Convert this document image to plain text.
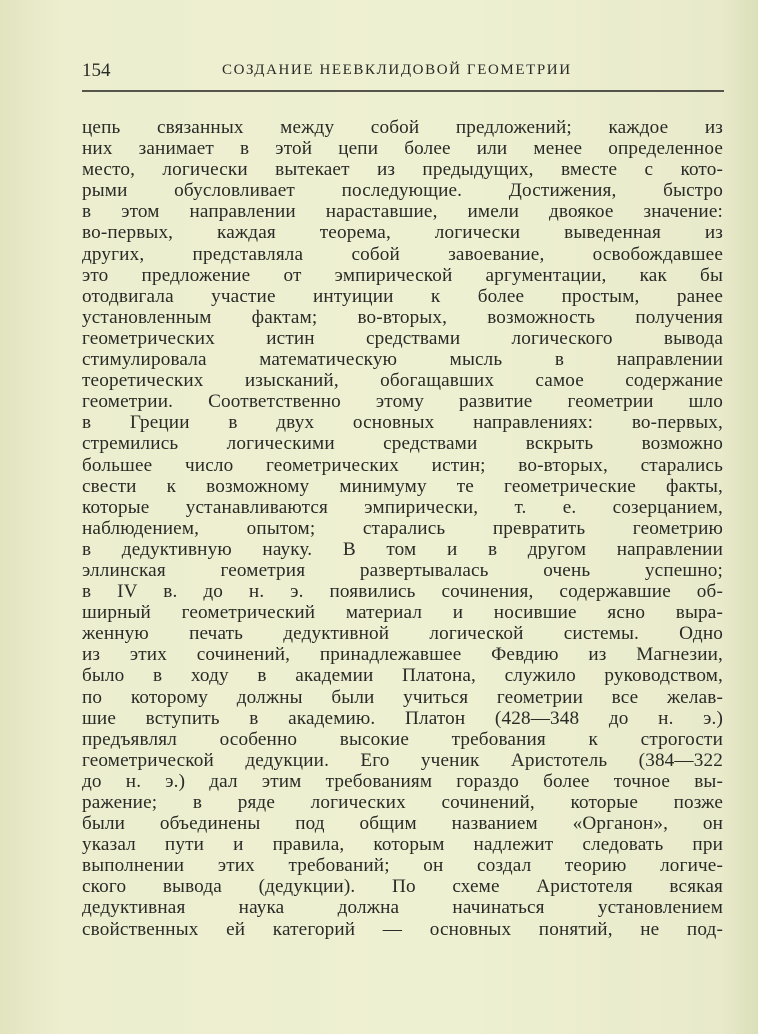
154	СОЗДАНИЕ НЕЕВКЛИДОВОЙ ГЕОМЕТРИИ
цепь связанных между собой предложений; каждое из
них занимает в этой цепи более или менее определенное
место, логически вытекает из предыдущих, вместе с кото-
рыми обусловливает последующие. Достижения, быстро
в этом направлении нараставшие, имели двоякое значение:
во-первых, каждая теорема, логически выведенная из
других, представляла собой завоевание, освобождавшее
это предложение от эмпирической аргументации, как бы
отодвигала участие интуиции к более простым, ранее
установленным фактам; во-вторых, возможность получения
геометрических истин средствами логического вывода
стимулировала математическую мысль в направлении
теоретических изысканий, обогащавших самое содержание
геометрии. Соответственно этому развитие геометрии шло
в Греции в двух основных направлениях: во-первых,
стремились логическими средствами вскрыть возможно
большее число геометрических истин; во-вторых, старались
свести к возможному минимуму те геометрические факты,
которые устанавливаются эмпирически, т. е. созерцанием,
наблюдением, опытом; старались превратить геометрию
в дедуктивную науку. В том и в другом направлении
эллинская геометрия развертывалась очень успешно;
в IV в. до н. э. появились сочинения, содержавшие об-
ширный геометрический материал и носившие ясно выра-
женную печать дедуктивной логической системы. Одно
из этих сочинений, принадлежавшее Февдию из Магнезии,
было в ходу в академии Платона, служило руководством,
по которому должны были учиться геометрии все желав-
шие вступить в академию. Платон (428—348 до н. э.)
предъявлял особенно высокие требования к строгости
геометрической дедукции. Его ученик Аристотель (384—322
до н. э.) дал этим требованиям гораздо более точное вы-
ражение; в ряде логических сочинений, которые позже
были объединены под общим названием «Органон», он
указал пути и правила, которым надлежит следовать при
выполнении этих требований; он создал теорию логиче-
ского вывода (дедукции). По схеме Аристотеля всякая
дедуктивная наука должна начинаться установлением
свойственных ей категорий — основных понятий, не под-
